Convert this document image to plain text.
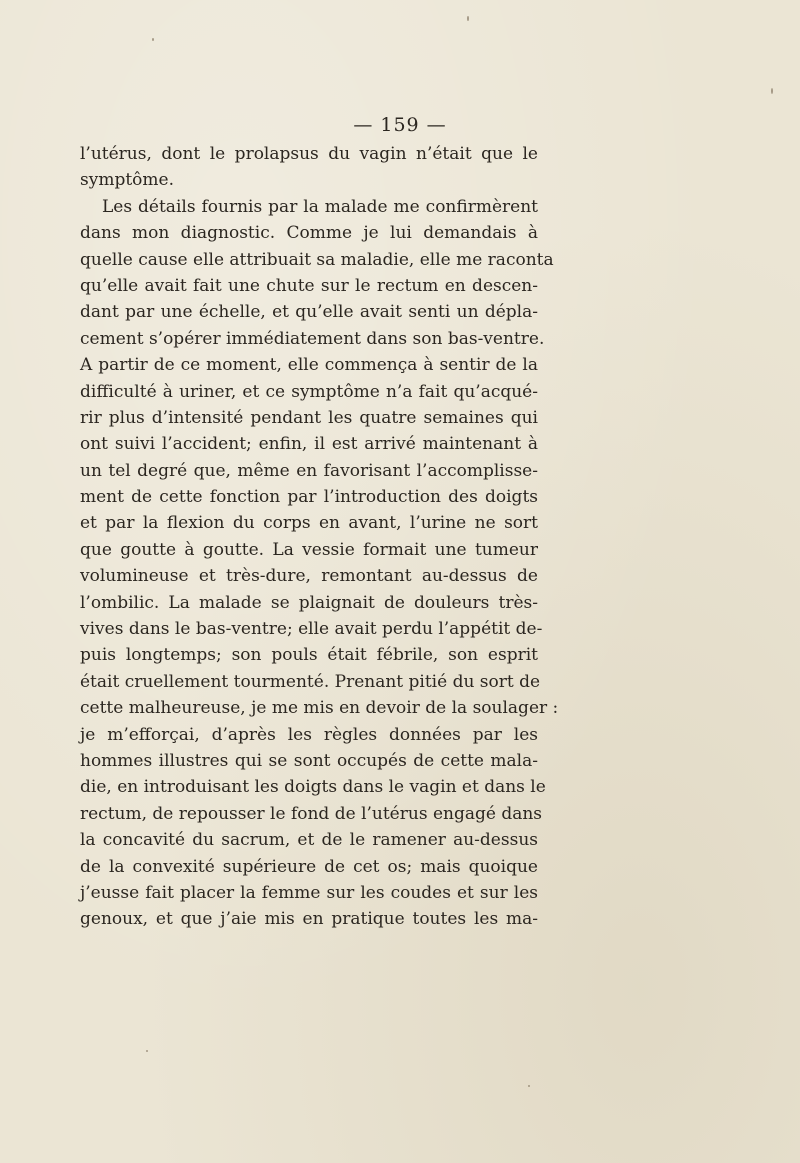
— 159 —
l’utérus, dont le prolapsus du vagin n’était que le
symptôme.
Les détails fournis par la malade me confirmèrent
dans mon diagnostic. Comme je lui demandais à
quelle cause elle attribuait sa maladie, elle me raconta
qu’elle avait fait une chute sur le rectum en descen-
dant par une échelle, et qu’elle avait senti un dépla-
cement s’opérer immédiatement dans son bas-ventre.
A partir de ce moment, elle commença à sentir de la
difficulté à uriner, et ce symptôme n’a fait qu’acqué-
rir plus d’intensité pendant les quatre semaines qui
ont suivi l’accident; enfin, il est arrivé maintenant à
un tel degré que, même en favorisant l’accomplisse-
ment de cette fonction par l’introduction des doigts
et par la flexion du corps en avant, l’urine ne sort
que goutte à goutte. La vessie formait une tumeur
volumineuse et très-dure, remontant au-dessus de
l’ombilic. La malade se plaignait de douleurs très-
vives dans le bas-ventre; elle avait perdu l’appétit de-
puis longtemps; son pouls était fébrile, son esprit
était cruellement tourmenté. Prenant pitié du sort de
cette malheureuse, je me mis en devoir de la soulager :
je m’efforçai, d’après les règles données par les
hommes illustres qui se sont occupés de cette mala-
die, en introduisant les doigts dans le vagin et dans le
rectum, de repousser le fond de l’utérus engagé dans
la concavité du sacrum, et de le ramener au-dessus
de la convexité supérieure de cet os; mais quoique
j’eusse fait placer la femme sur les coudes et sur les
genoux, et que j’aie mis en pratique toutes les ma-
